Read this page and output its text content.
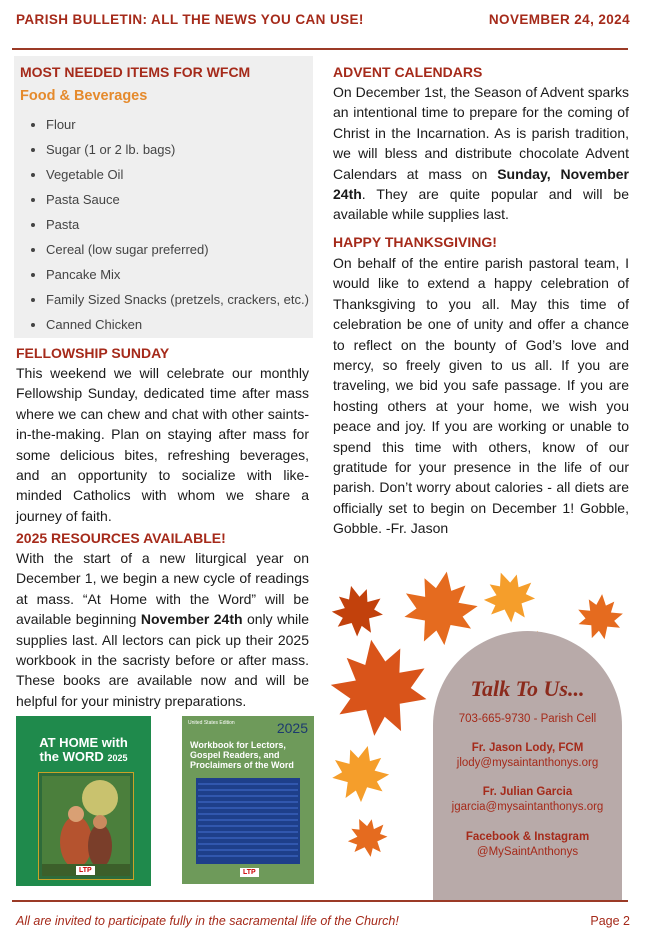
PARISH BULLETIN: ALL THE NEWS YOU CAN USE!	NOVEMBER 24, 2024
MOST NEEDED ITEMS FOR WFCM
Food & Beverages
• Flour
• Sugar (1 or 2 lb. bags)
• Vegetable Oil
• Pasta Sauce
• Pasta
• Cereal (low sugar preferred)
• Pancake Mix
• Family Sized Snacks (pretzels, crackers, etc.)
• Canned Chicken
FELLOWSHIP SUNDAY
This weekend we will celebrate our monthly Fellowship Sunday, dedicated time after mass where we can chew and chat with other saints-in-the-making. Plan on staying after mass for some delicious bites, refreshing beverages, and an opportunity to socialize with like-minded Catholics with whom we share a journey of faith.
2025 RESOURCES AVAILABLE!
With the start of a new liturgical year on December 1, we begin a new cycle of readings at mass. “At Home with the Word” will be available beginning November 24th only while supplies last. All lectors can pick up their 2025 workbook in the sacristy before or after mass. These books are available now and will be helpful for your ministry preparations.
AT HOME with
the WORD 2025
LTP
United States Edition	2025
Workbook for Lectors,
Gospel Readers, and
Proclaimers of the Word
LTP
ADVENT CALENDARS
On December 1st, the Season of Advent sparks an intentional time to prepare for the coming of Christ in the Incarnation. As is parish tradition, we will bless and distribute chocolate Advent Calendars at mass on Sunday, November 24th. They are quite popular and will be available while supplies last.
HAPPY THANKSGIVING!
On behalf of the entire parish pastoral team, I would like to extend a happy celebration of Thanksgiving to you all. May this time of celebration be one of unity and offer a chance to reflect on the bounty of God’s love and mercy, so freely given to us all. If you are traveling, we bid you safe passage. If you are hosting others at your home, we wish you peace and joy. If you are working or unable to spend this time with others, know of our gratitude for your presence in the life of our parish. Don’t worry about calories - all diets are officially set to begin on December 1! Gobble, Gobble. -Fr. Jason
Talk To Us...
703-665-9730 - Parish Cell
Fr. Jason Lody, FCM
jlody@mysaintanthonys.org
Fr. Julian Garcia
jgarcia@mysaintanthonys.org
Facebook & Instagram
@MySaintAnthonys
All are invited to participate fully in the sacramental life of the Church!	Page 2
